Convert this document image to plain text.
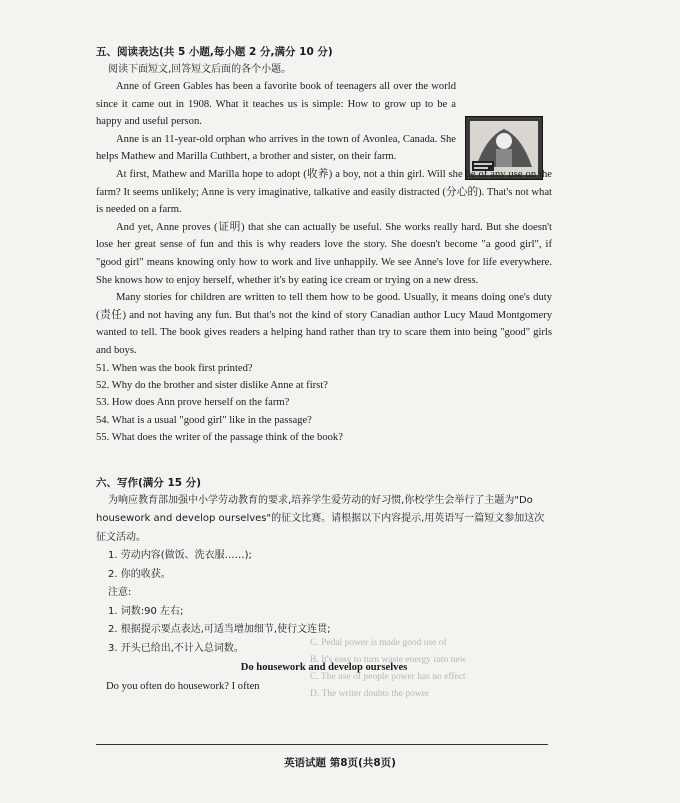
五、阅读表达(共 5 小题,每小题 2 分,满分 10 分)
阅读下面短文,回答短文后面的各个小题。

Anne of Green Gables has been a favorite book of teenagers all over the world since it came out in 1908. What it teaches us is simple: How to grow up to be a happy and useful person.

Anne is an 11-year-old orphan who arrives in the town of Avonlea, Canada. She helps Mathew and Marilla Cuthbert, a brother and sister, on their farm.

At first, Mathew and Marilla hope to adopt (收养) a boy, not a thin girl. Will she be of any use on the farm? It seems unlikely; Anne is very imaginative, talkative and easily distracted (分心的). That's not what is needed on a farm.

And yet, Anne proves (证明) that she can actually be useful. She works really hard. But she doesn't lose her great sense of fun and this is why readers love the story. She doesn't become "a good girl", if "good girl" means knowing only how to work and live unhappily. We see Anne's love for life everywhere. She knows how to enjoy herself, whether it's by eating ice cream or trying on a new dress.

Many stories for children are written to tell them how to be good. Usually, it means doing one's duty (责任) and not having any fun. But that's not the kind of story Canadian author Lucy Maud Montgomery wanted to tell. The book gives readers a helping hand rather than try to scare them into being "good" girls and boys.

51. When was the book first printed?

52. Why do the brother and sister dislike Anne at first?

53. How does Ann prove herself on the farm?

54. What is a usual "good girl" like in the passage?

55. What does the writer of the passage think of the book?

六、写作(满分 15 分)

为响应教育部加强中小学劳动教育的要求,培养学生爱劳动的好习惯,你校学生会举行了主题为"Do housework and develop ourselves"的征文比赛。请根据以下内容提示,用英语写一篇短文参加这次征文活动。

1. 劳动内容(做饭、洗衣服……);

2. 你的收获。

注意:

1. 词数:90 左右;

2. 根据提示要点表达,可适当增加细节,使行文连贯;

3. 开头已给出,不计入总词数。

Do housework and develop ourselves
Do you often do housework? I often
C. Pedal power is made good use of
B. It's easy to turn waste energy into new
C. The use of people power has no effect
D. The writer doubts the power
英语试题 第8页(共8页)
